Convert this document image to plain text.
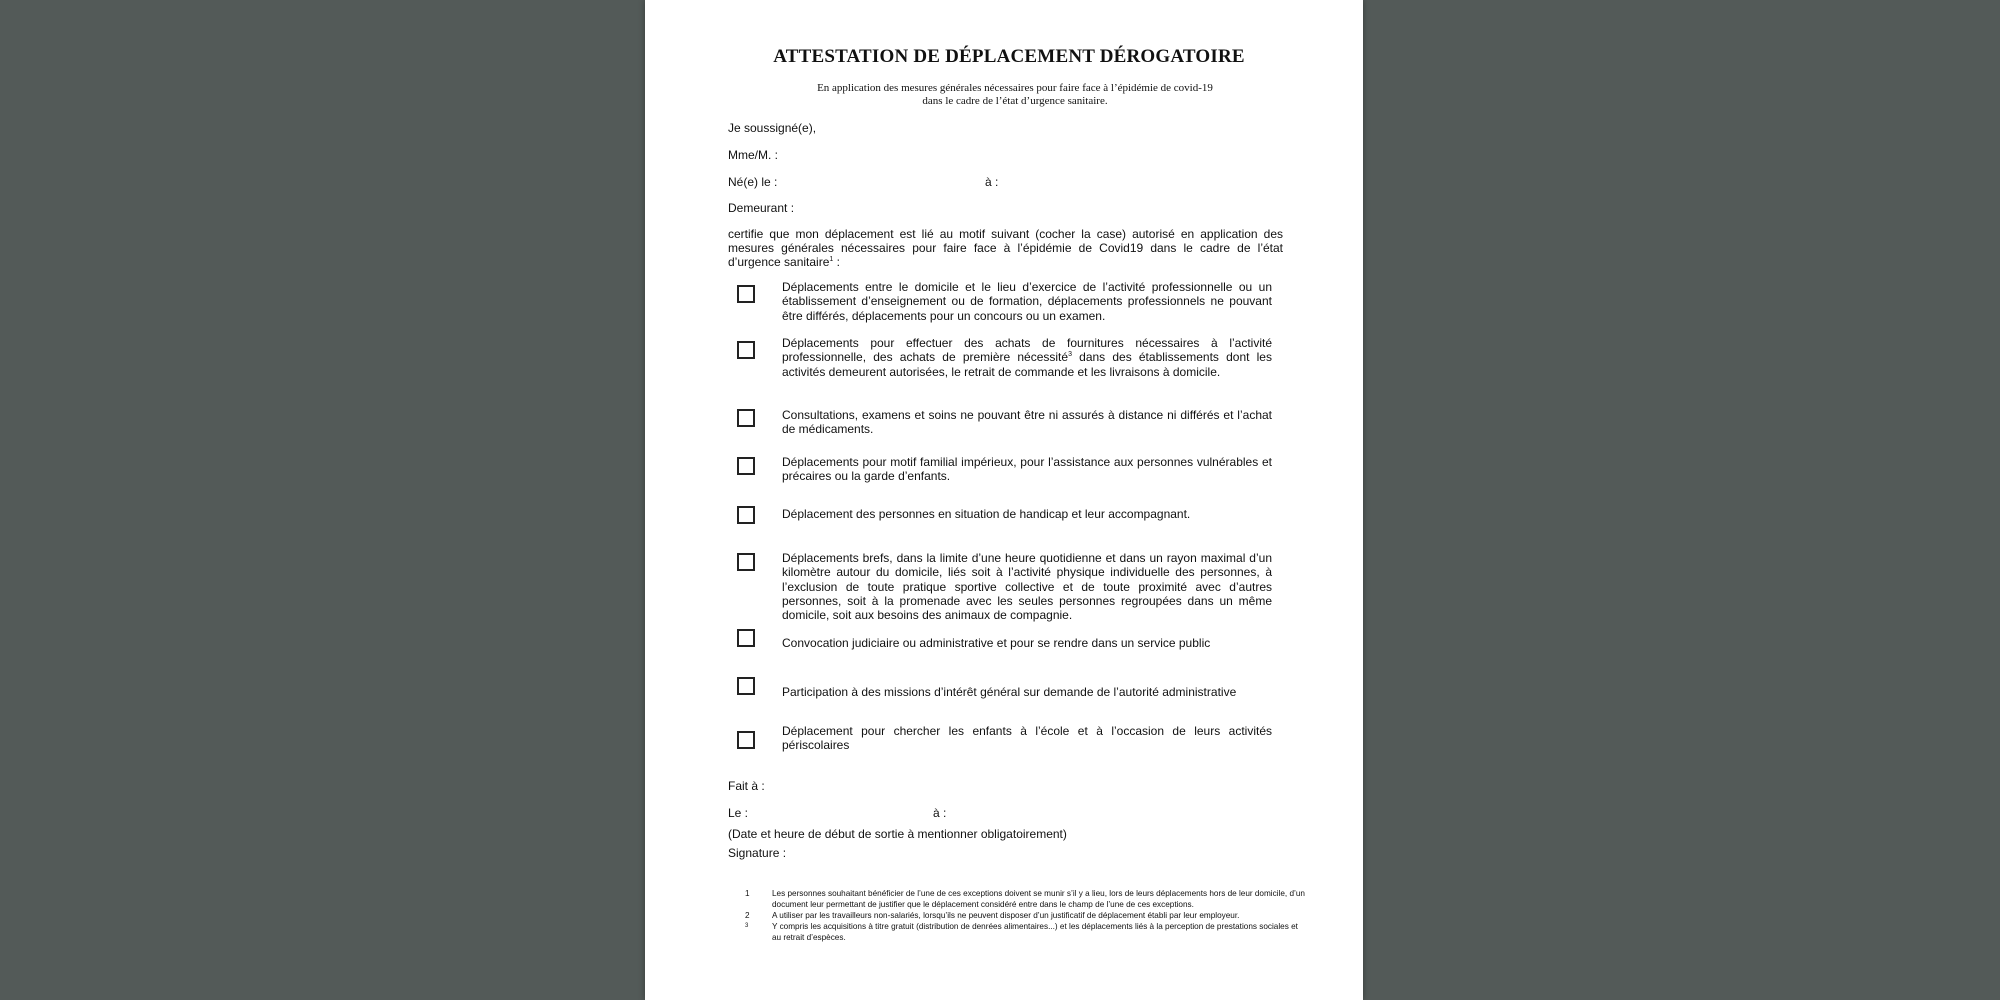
ATTESTATION DE DÉPLACEMENT DÉROGATOIRE
En application des mesures générales nécessaires pour faire face à l’épidémie de covid-19
dans le cadre de l’état d’urgence sanitaire.
Je soussigné(e),
Mme/M. :
Né(e) le :	à :
Demeurant :
certifie que mon déplacement est lié au motif suivant (cocher la case) autorisé en application des mesures générales nécessaires pour faire face à l’épidémie de Covid19 dans le cadre de l’état d’urgence sanitaire$^1$ :
Déplacements entre le domicile et le lieu d’exercice de l’activité professionnelle ou un établissement d’enseignement ou de formation, déplacements professionnels ne pouvant être différés, déplacements pour un concours ou un examen.
Déplacements pour effectuer des achats de fournitures nécessaires à l’activité professionnelle, des achats de première nécessité$^3$ dans des établissements dont les activités demeurent autorisées, le retrait de commande et les livraisons à domicile.
Consultations, examens et soins ne pouvant être ni assurés à distance ni différés et l’achat de médicaments.
Déplacements pour motif familial impérieux, pour l’assistance aux personnes vulnérables et précaires ou la garde d’enfants.
Déplacement des personnes en situation de handicap et leur accompagnant.
Déplacements brefs, dans la limite d’une heure quotidienne et dans un rayon maximal d’un kilomètre autour du domicile, liés soit à l’activité physique individuelle des personnes, à l’exclusion de toute pratique sportive collective et de toute proximité avec d’autres personnes, soit à la promenade avec les seules personnes regroupées dans un même domicile, soit aux besoins des animaux de compagnie.
Convocation judiciaire ou administrative et pour se rendre dans un service public
Participation à des missions d’intérêt général sur demande de l’autorité administrative
Déplacement pour chercher les enfants à l’école et à l’occasion de leurs activités périscolaires
Fait à :
Le :	à :
(Date et heure de début de sortie à mentionner obligatoirement)
Signature :
1	Les personnes souhaitant bénéficier de l’une de ces exceptions doivent se munir s’il y a lieu, lors de leurs déplacements hors de leur domicile, d’un document leur permettant de justifier que le déplacement considéré entre dans le champ de l’une de ces exceptions.
2	A utiliser par les travailleurs non-salariés, lorsqu’ils ne peuvent disposer d’un justificatif de déplacement établi par leur employeur.
3	Y compris les acquisitions à titre gratuit (distribution de denrées alimentaires...) et les déplacements liés à la perception de prestations sociales et au retrait d’espèces.
